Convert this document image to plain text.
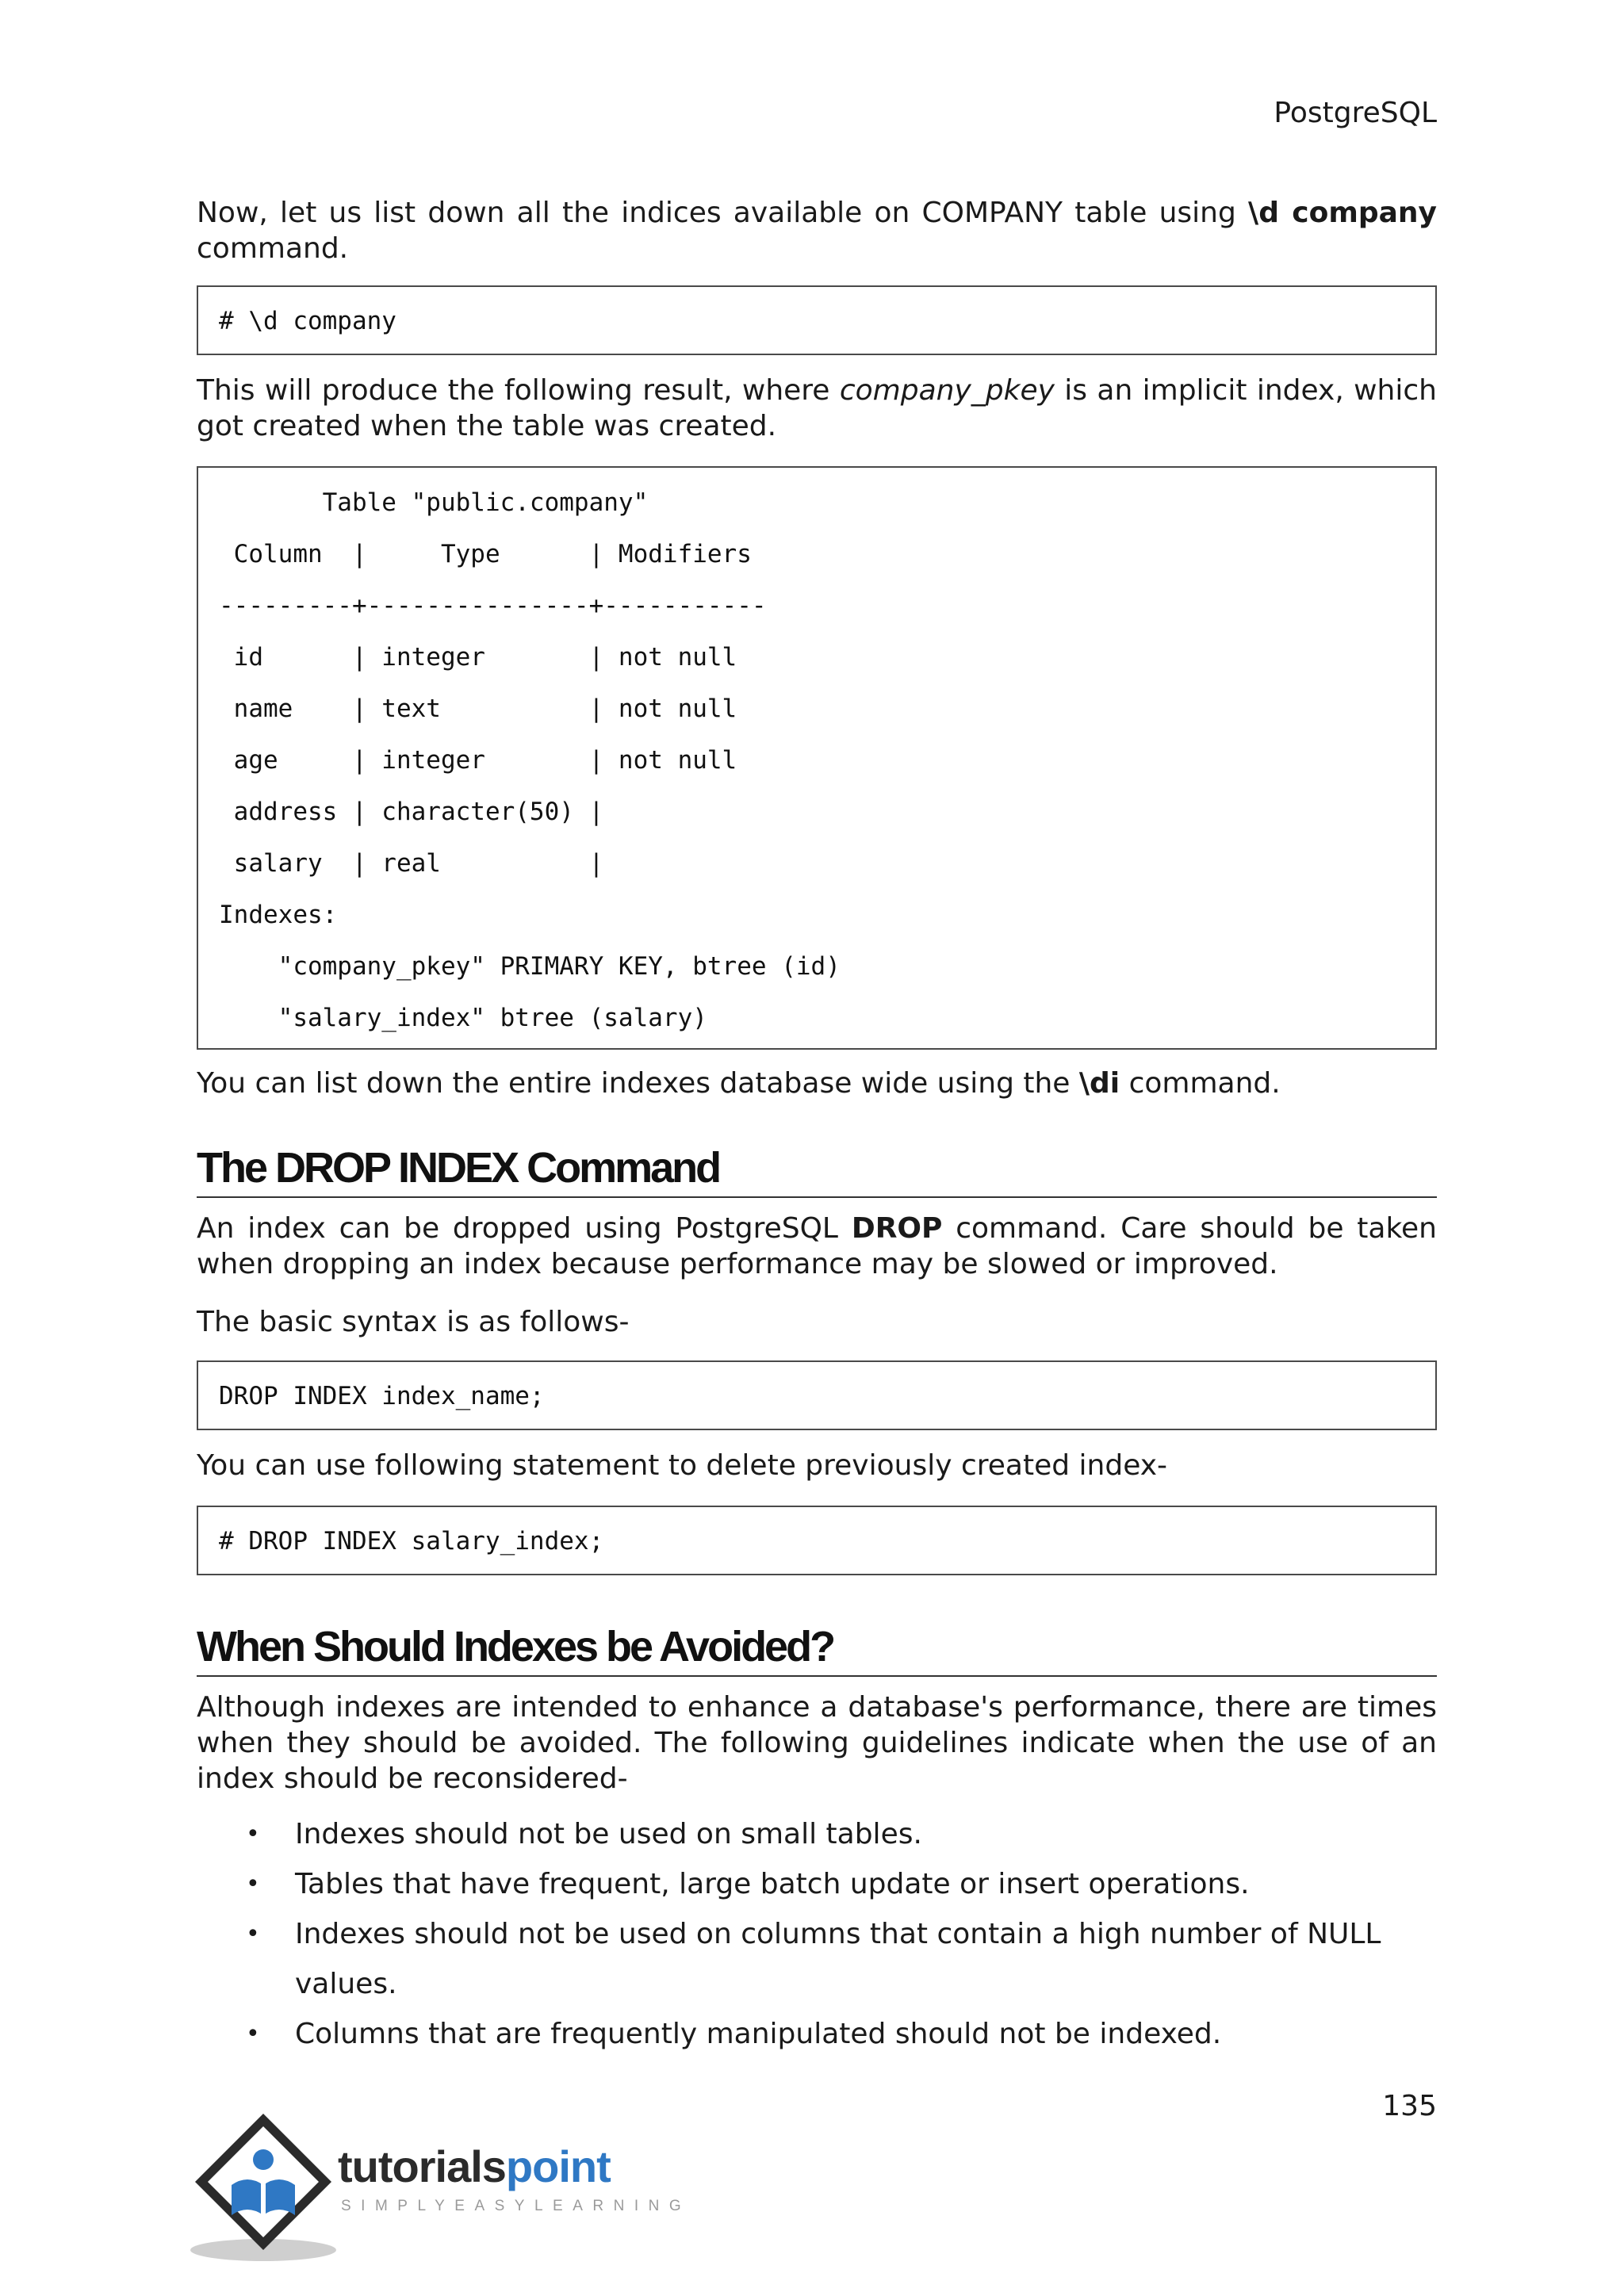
PostgreSQL

Now, let us list down all the indices available on COMPANY table using \d company command.

# \d company

This will produce the following result, where company_pkey is an implicit index, which got created when the table was created.

Table "public.company"
Column  |     Type      | Modifiers
---------+---------------+-----------
id      | integer       | not null
name    | text          | not null
age     | integer       | not null
address | character(50) |
salary  | real          |
Indexes:
"company_pkey" PRIMARY KEY, btree (id)
"salary_index" btree (salary)

You can list down the entire indexes database wide using the \di command.

The DROP INDEX Command

An index can be dropped using PostgreSQL DROP command. Care should be taken when dropping an index because performance may be slowed or improved.

The basic syntax is as follows-

DROP INDEX index_name;

You can use following statement to delete previously created index-

# DROP INDEX salary_index;
When Should Indexes be Avoided?

Although indexes are intended to enhance a database's performance, there are times when they should be avoided. The following guidelines indicate when the use of an index should be reconsidered-

• Indexes should not be used on small tables.
• Tables that have frequent, large batch update or insert operations.
• Indexes should not be used on columns that contain a high number of NULL values.
• Columns that are frequently manipulated should not be indexed.
135
tutorialspoint
SIMPLYEASYLEARNING
